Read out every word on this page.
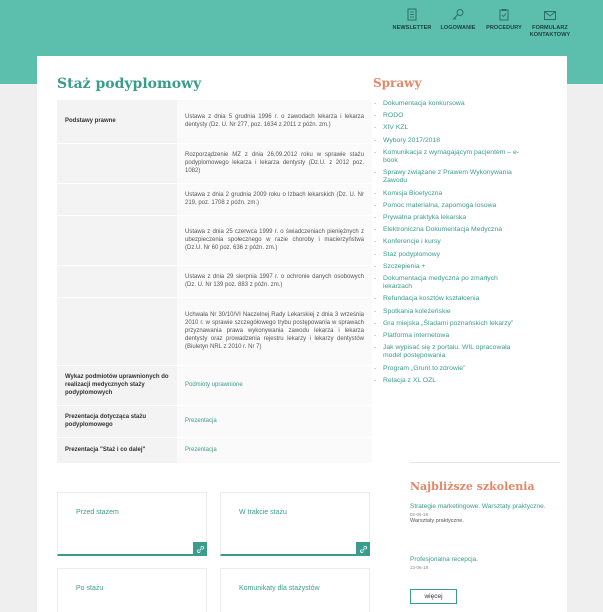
NEWSLETTER LOGOWANIE PROCEDURY	FORMULARZ KONTAKTOWY
Staż podyplomowy
Podstawy prawne	Ustawa z dnia 5 grudnia 1996 r. o zawodach lekarza i lekarza dentysty (Dz. U. Nr 277, poz. 1634 z 2011 z późn. zm.)
	Rozporządzenie MZ z dnia 26.09.2012 roku w sprawie stażu podyplomowego lekarza i lekarza dentysty (Dz.U. z 2012 poz. 1082)
	Ustawa z dnia 2 grudnia 2009 roku o Izbach lekarskich (Dz. U. Nr 219, poz. 1708 z późn. zm.)
	Ustawa z dnia 25 czerwca 1999 r. o świadczeniach pieniężnych z ubezpieczenia społecznego w razie choroby i macierzyństwa (Dz.U. Nr 60 poz. 636 z późn. zm.)
	Ustawa z dnia 29 sierpnia 1997 r. o ochronie danych osobowych (Dz. U. Nr 139 poz. 883 z późn. zm.)
	Uchwała Nr 30/10/VI Naczelnej Rady Lekarskiej z dnia 3 września 2010 r. w sprawie szczegółowego trybu postępowania w sprawach przyznawania prawa wykonywania zawodu lekarza i lekarza dentysty oraz prowadzenia rejestru lekarzy i lekarzy dentystów (Biuletyn NRL z 2010 r. Nr 7)
Wykaz podmiotów uprawnionych do realizacji medycznych staży podyplomowych	Podmioty uprawnione
Prezentacja dotycząca stażu podyplomowego	Prezentacja
Prezentacja "Staż i co dalej"	Prezentacja
Przed stażem	W trakcie stażu
Po stażu	Komunikaty dla stażystów
Sprawy
- Dokumentacja konkursowa
- RODO
- XIV KZL
- Wybory 2017/2018
- Komunikacja z wymagającym pacjentem – e-book
- Sprawy związane z Prawem Wykonywania Zawodu
- Komisja Bioetyczna
- Pomoc materialna, zapomoga losowa
- Prywatna praktyka lekarska
- Elektroniczna Dokumentacja Medyczna
- Konferencje i kursy
- Staż podyplomowy
- Szczepienia +
- Dokumentacja medyczna po zmarłych lekarzach
- Refundacja kosztów kształcenia
- Spotkania koleżeńskie
- Gra miejska „Śladami poznańskich lekarzy”
- Platforma internetowa
- Jak wypisać się z portalu. WIL opracowała model postępowania
- Program „Grunt to zdrowie”
- Relacja z XL OZL
Najbliższe szkolenia
Strategie marketingowe. Warsztaty praktyczne.
02-06-18
Warsztaty praktyczne.
Profesjonalna recepcja.
13-06-18
więcej
